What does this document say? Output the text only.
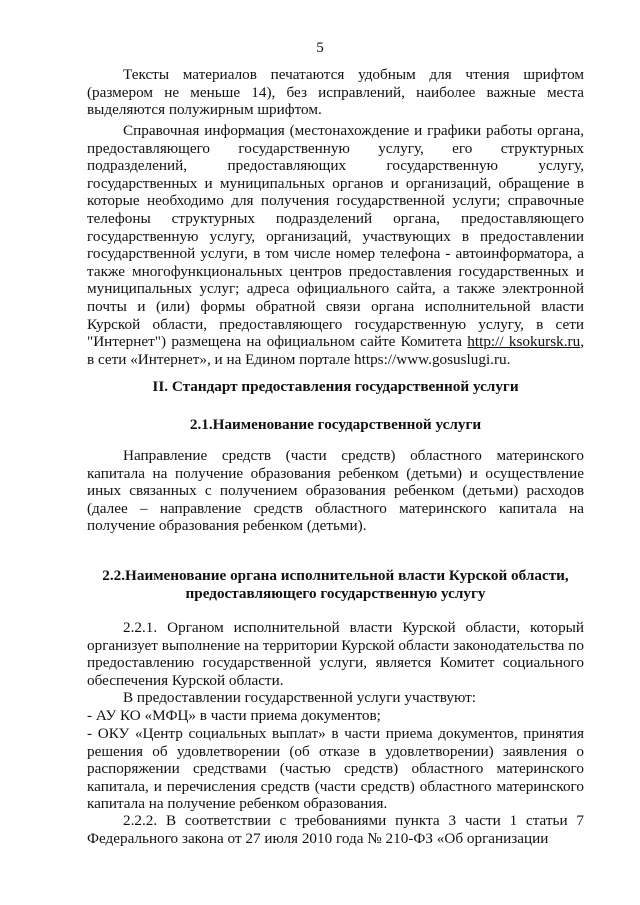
5

Тексты материалов печатаются удобным для чтения шрифтом (размером не меньше 14), без исправлений, наиболее важные места выделяются полужирным шрифтом.

Справочная информация (местонахождение и графики работы органа, предоставляющего государственную услугу, его структурных подразделений, предоставляющих государственную услугу, государственных и муниципальных органов и организаций, обращение в которые необходимо для получения государственной услуги; справочные телефоны структурных подразделений органа, предоставляющего государственную услугу, организаций, участвующих в предоставлении государственной услуги, в том числе номер телефона - автоинформатора, а также многофункциональных центров предоставления государственных и муниципальных услуг; адреса официального сайта, а также электронной почты и (или) формы обратной связи органа исполнительной власти Курской области, предоставляющего государственную услугу, в сети "Интернет") размещена на официальном сайте Комитета http:// ksokursk.ru, в сети «Интернет», и на Едином портале https://www.gosuslugi.ru.

II. Стандарт предоставления государственной услуги

2.1.Наименование государственной услуги

Направление средств (части средств) областного материнского капитала на получение образования ребенком (детьми) и осуществление иных связанных с получением образования ребенком (детьми) расходов (далее – направление средств областного материнского капитала на получение образования ребенком (детьми).

2.2.Наименование органа исполнительной власти Курской области,

предоставляющего государственную услугу

2.2.1. Органом исполнительной власти Курской области, который организует выполнение на территории Курской области законодательства по предоставлению государственной услуги, является Комитет социального обеспечения Курской области.

В предоставлении государственной услуги участвуют:

- АУ КО «МФЦ» в части приема документов;

- ОКУ «Центр социальных выплат» в части приема документов, принятия решения об удовлетворении (об отказе в удовлетворении) заявления о распоряжении средствами (частью средств) областного материнского капитала, и перечисления средств (части средств) областного материнского капитала на получение ребенком образования.

2.2.2. В соответствии с требованиями пункта 3 части 1 статьи 7 Федерального закона от 27 июля 2010 года № 210-ФЗ «Об организации
